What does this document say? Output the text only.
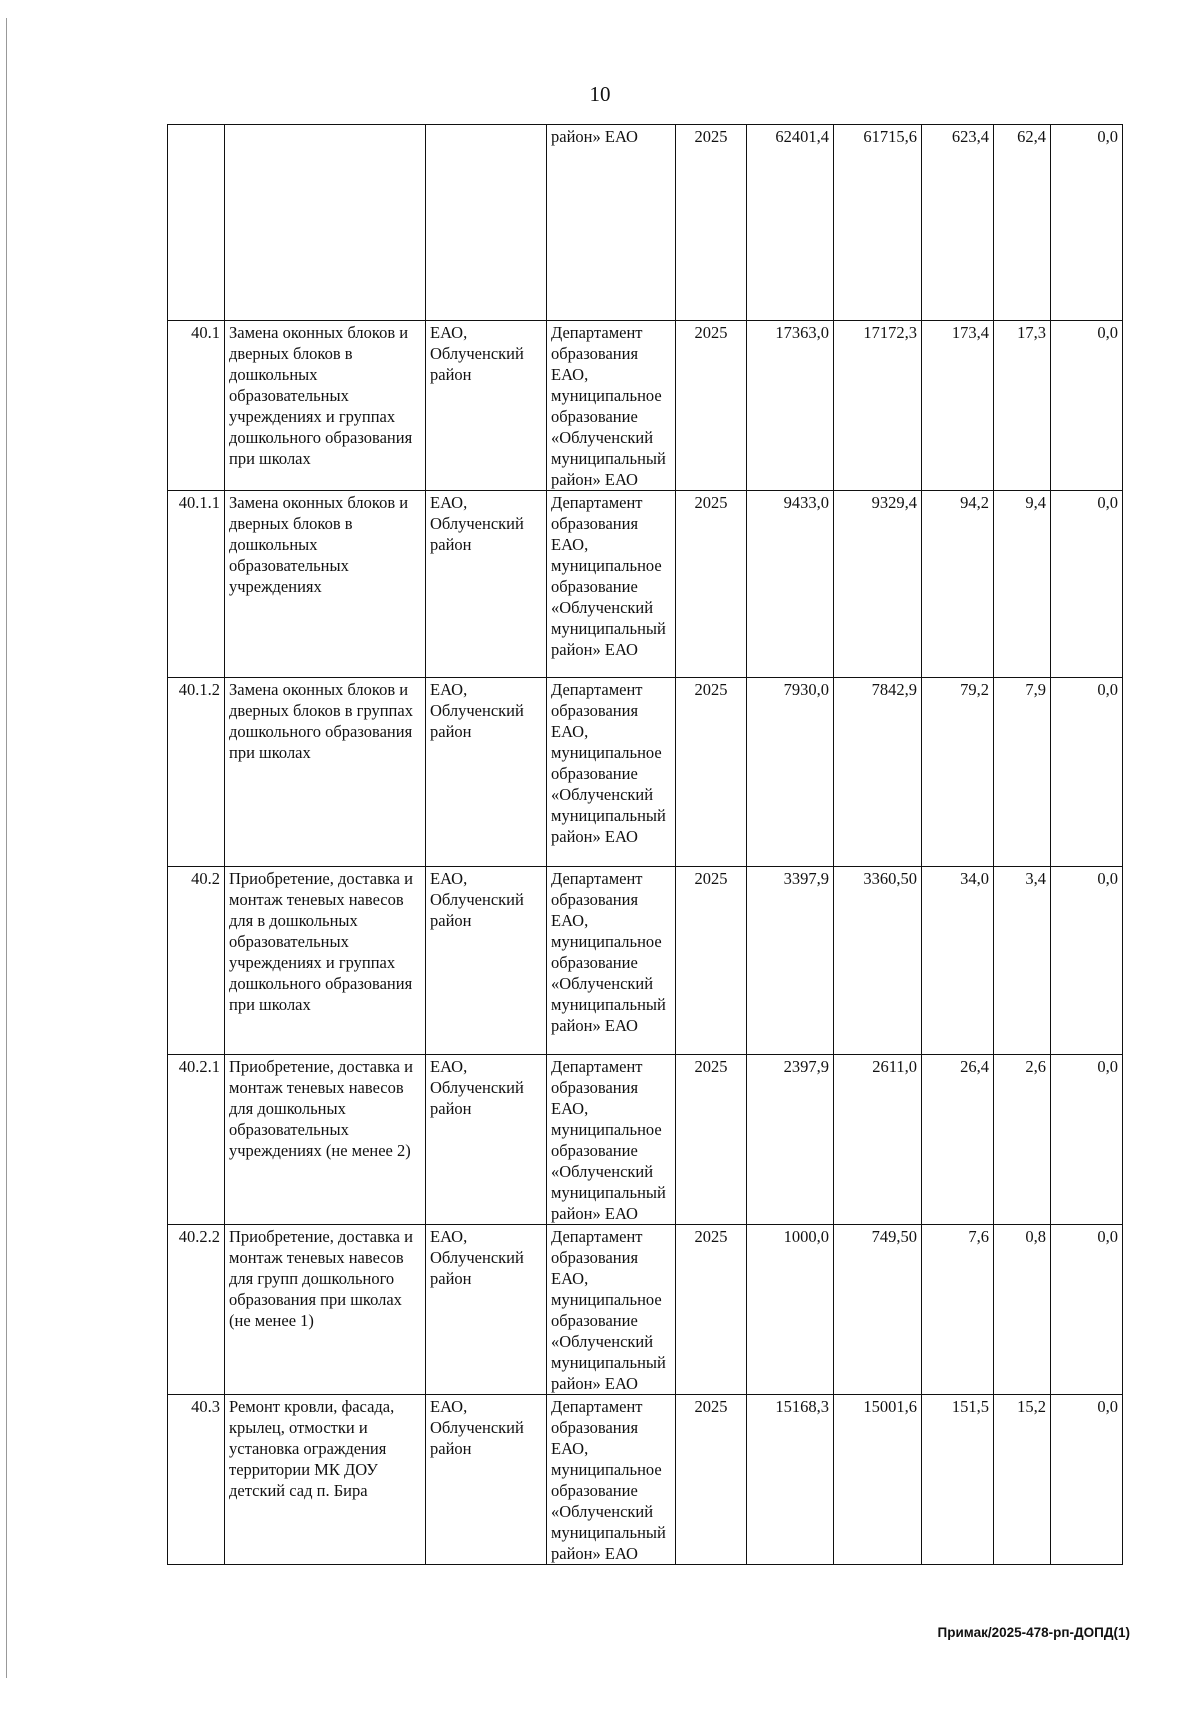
10
			район» ЕАО	2025	62401,4	61715,6	623,4	62,4	0,0
40.1	Замена оконных блоков и дверных блоков в дошкольных образовательных учреждениях и группах дошкольного образования при школах	ЕАО, Облученский район	Департамент образования ЕАО, муниципальное образование «Облученский муниципальный район» ЕАО	2025	17363,0	17172,3	173,4	17,3	0,0
40.1.1	Замена оконных блоков и дверных блоков в дошкольных образовательных учреждениях	ЕАО, Облученский район	Департамент образования ЕАО, муниципальное образование «Облученский муниципальный район» ЕАО	2025	9433,0	9329,4	94,2	9,4	0,0
40.1.2	Замена оконных блоков и дверных блоков в группах дошкольного образования при школах	ЕАО, Облученский район	Департамент образования ЕАО, муниципальное образование «Облученский муниципальный район» ЕАО	2025	7930,0	7842,9	79,2	7,9	0,0
40.2	Приобретение, доставка и монтаж теневых навесов для в дошкольных образовательных учреждениях и группах дошкольного образования при школах	ЕАО, Облученский район	Департамент образования ЕАО, муниципальное образование «Облученский муниципальный район» ЕАО	2025	3397,9	3360,50	34,0	3,4	0,0
40.2.1	Приобретение, доставка и монтаж теневых навесов для дошкольных образовательных учреждениях (не менее 2)	ЕАО, Облученский район	Департамент образования ЕАО, муниципальное образование «Облученский муниципальный район» ЕАО	2025	2397,9	2611,0	26,4	2,6	0,0
40.2.2	Приобретение, доставка и монтаж теневых навесов для групп дошкольного образования при школах (не менее 1)	ЕАО, Облученский район	Департамент образования ЕАО, муниципальное образование «Облученский муниципальный район» ЕАО	2025	1000,0	749,50	7,6	0,8	0,0
40.3	Ремонт кровли, фасада, крылец, отмостки и установка ограждения территории МК ДОУ детский сад п. Бира	ЕАО, Облученский район	Департамент образования ЕАО, муниципальное образование «Облученский муниципальный район» ЕАО	2025	15168,3	15001,6	151,5	15,2	0,0
Примак/2025-478-рп-ДОПД(1)
